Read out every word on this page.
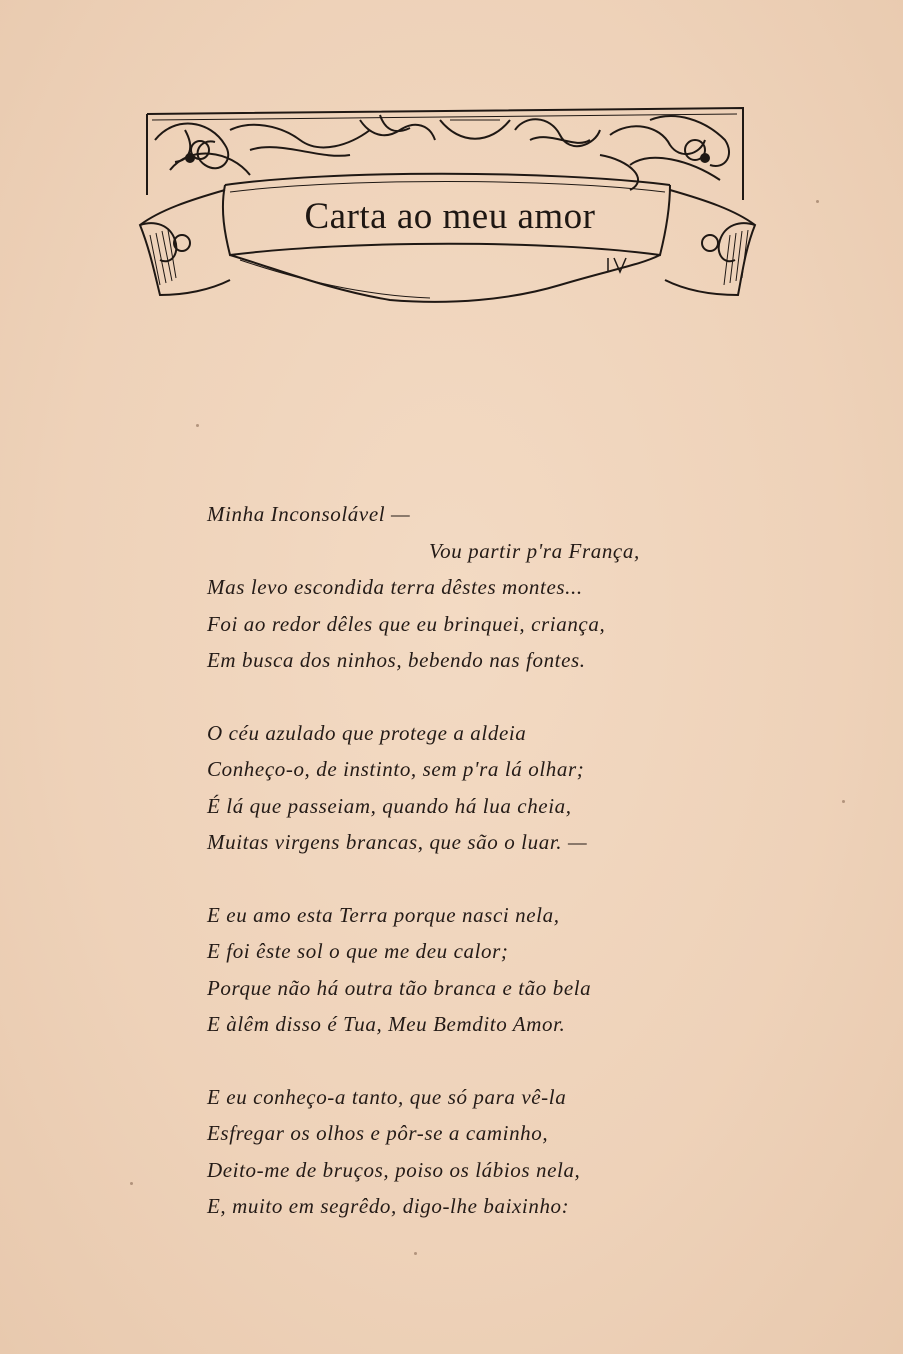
Carta ao meu amor
Minha Inconsolável —
Vou partir p'ra França,
Mas levo escondida terra dêstes montes...
Foi ao redor dêles que eu brinquei, criança,
Em busca dos ninhos, bebendo nas fontes.
O céu azulado que protege a aldeia
Conheço-o, de instinto, sem p'ra lá olhar;
É lá que passeiam, quando há lua cheia,
Muitas virgens brancas, que são o luar. —
E eu amo esta Terra porque nasci nela,
E foi êste sol o que me deu calor;
Porque não há outra tão branca e tão bela
E àlêm disso é Tua, Meu Bemdito Amor.
E eu conheço-a tanto, que só para vê-la
Esfregar os olhos e pôr-se a caminho,
Deito-me de bruços, poiso os lábios nela,
E, muito em segrêdo, digo-lhe baixinho:
